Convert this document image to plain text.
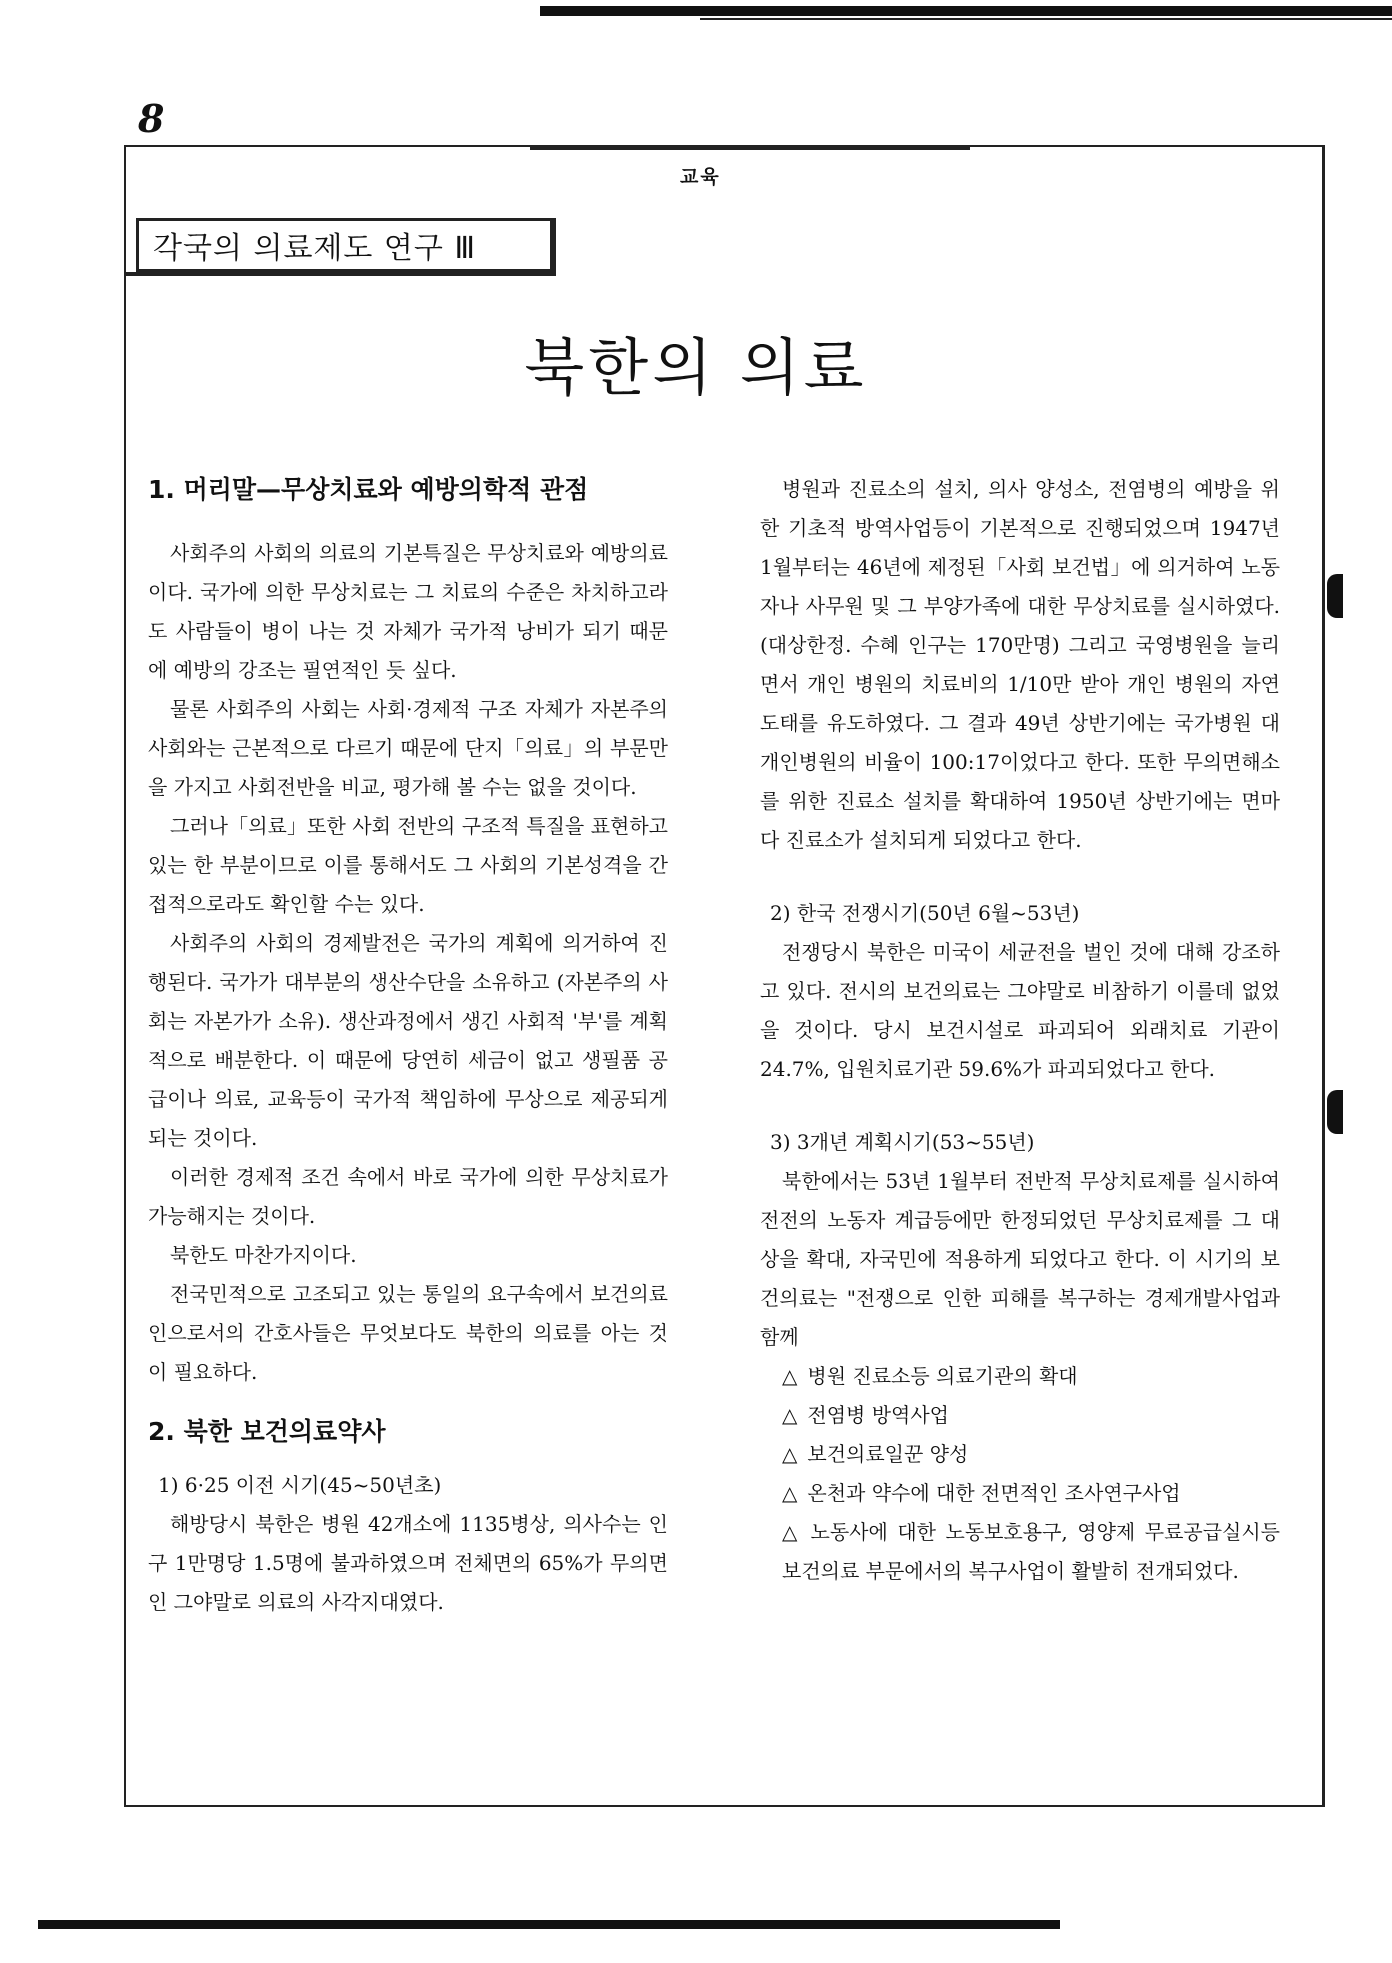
8
교육
각국의 의료제도 연구 Ⅲ
북한의 의료

1. 머리말—무상치료와 예방의학적 관점

사회주의 사회의 의료의 기본특질은 무상치료와 예방의료이다. 국가에 의한 무상치료는 그 치료의 수준은 차치하고라도 사람들이 병이 나는 것 자체가 국가적 낭비가 되기 때문에 예방의 강조는 필연적인 듯 싶다.

물론 사회주의 사회는 사회·경제적 구조 자체가 자본주의 사회와는 근본적으로 다르기 때문에 단지「의료」의 부문만을 가지고 사회전반을 비교, 평가해 볼 수는 없을 것이다.

그러나「의료」또한 사회 전반의 구조적 특질을 표현하고 있는 한 부분이므로 이를 통해서도 그 사회의 기본성격을 간접적으로라도 확인할 수는 있다.

사회주의 사회의 경제발전은 국가의 계획에 의거하여 진행된다. 국가가 대부분의 생산수단을 소유하고 (자본주의 사회는 자본가가 소유). 생산과정에서 생긴 사회적 '부'를 계획적으로 배분한다. 이 때문에 당연히 세금이 없고 생필품 공급이나 의료, 교육등이 국가적 책임하에 무상으로 제공되게 되는 것이다.

이러한 경제적 조건 속에서 바로 국가에 의한 무상치료가 가능해지는 것이다.

북한도 마찬가지이다.

전국민적으로 고조되고 있는 통일의 요구속에서 보건의료인으로서의 간호사들은 무엇보다도 북한의 의료를 아는 것이 필요하다.

2. 북한 보건의료약사

1) 6·25 이전 시기(45~50년초)

해방당시 북한은 병원 42개소에 1135병상, 의사수는 인구 1만명당 1.5명에 불과하였으며 전체면의 65%가 무의면인 그야말로 의료의 사각지대였다.

병원과 진료소의 설치, 의사 양성소, 전염병의 예방을 위한 기초적 방역사업등이 기본적으로 진행되었으며 1947년 1월부터는 46년에 제정된「사회 보건법」에 의거하여 노동자나 사무원 및 그 부양가족에 대한 무상치료를 실시하였다.(대상한정. 수혜 인구는 170만명) 그리고 국영병원을 늘리면서 개인 병원의 치료비의 1/10만 받아 개인 병원의 자연도태를 유도하였다. 그 결과 49년 상반기에는 국가병원 대 개인병원의 비율이 100:17이었다고 한다. 또한 무의면해소를 위한 진료소 설치를 확대하여 1950년 상반기에는 면마다 진료소가 설치되게 되었다고 한다.

2) 한국 전쟁시기(50년 6월~53년)

전쟁당시 북한은 미국이 세균전을 벌인 것에 대해 강조하고 있다. 전시의 보건의료는 그야말로 비참하기 이를데 없었을 것이다. 당시 보건시설로 파괴되어 외래치료 기관이 24.7%, 입원치료기관 59.6%가 파괴되었다고 한다.

3) 3개년 계획시기(53~55년)

북한에서는 53년 1월부터 전반적 무상치료제를 실시하여 전전의 노동자 계급등에만 한정되었던 무상치료제를 그 대상을 확대, 자국민에 적용하게 되었다고 한다. 이 시기의 보건의료는 "전쟁으로 인한 피해를 복구하는 경제개발사업과 함께

△ 병원 진료소등 의료기관의 확대
△ 전염병 방역사업
△ 보건의료일꾼 양성
△ 온천과 약수에 대한 전면적인 조사연구사업
△ 노동사에 대한 노동보호용구, 영양제 무료공급실시등 보건의료 부문에서의 복구사업이 활발히 전개되었다.
